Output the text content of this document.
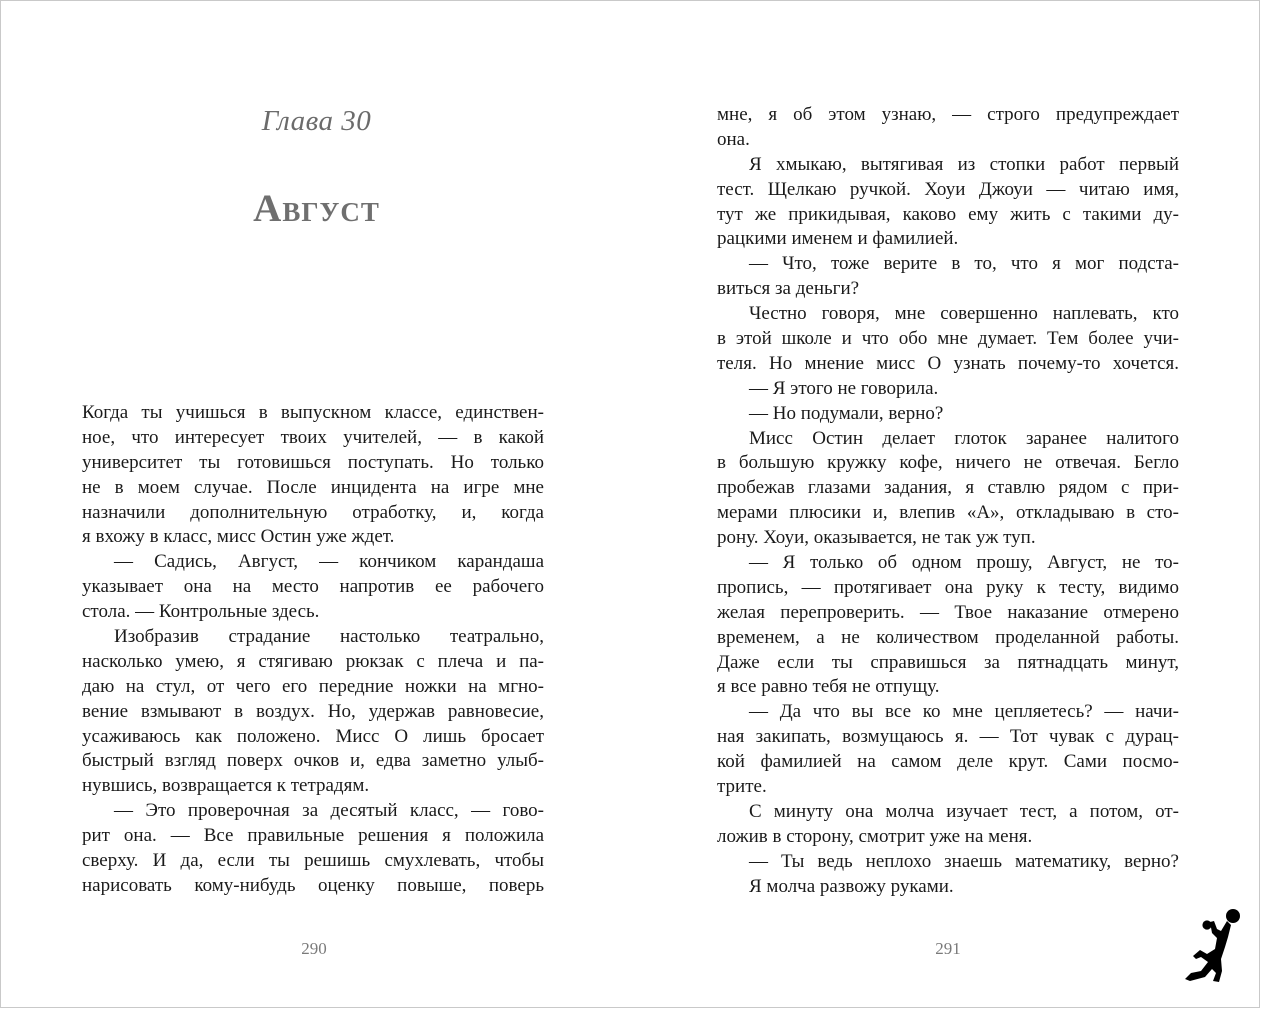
Глава 30
Август
Когда ты учишься в выпускном классе, единствен-
ное, что интересует твоих учителей, — в какой
университет ты готовишься поступать. Но только
не в моем случае. После инцидента на игре мне
назначили дополнительную отработку, и, когда
я вхожу в класс, мисс Остин уже ждет.
— Садись, Август, — кончиком карандаша
указывает она на место напротив ее рабочего
стола. — Контрольные здесь.
Изобразив страдание настолько театрально,
насколько умею, я стягиваю рюкзак с плеча и па-
даю на стул, от чего его передние ножки на мгно-
вение взмывают в воздух. Но, удержав равновесие,
усаживаюсь как положено. Мисс О лишь бросает
быстрый взгляд поверх очков и, едва заметно улыб-
нувшись, возвращается к тетрадям.
— Это проверочная за десятый класс, — гово-
рит она. — Все правильные решения я положила
сверху. И да, если ты решишь смухлевать, чтобы
нарисовать кому-нибудь оценку повыше, поверь
290
мне, я об этом узнаю, — строго предупреждает
она.
Я хмыкаю, вытягивая из стопки работ первый
тест. Щелкаю ручкой. Хоуи Джоуи — читаю имя,
тут же прикидывая, каково ему жить с такими ду-
рацкими именем и фамилией.
— Что, тоже верите в то, что я мог подста-
виться за деньги?
Честно говоря, мне совершенно наплевать, кто
в этой школе и что обо мне думает. Тем более учи-
теля. Но мнение мисс О узнать почему-то хочется.
— Я этого не говорила.
— Но подумали, верно?
Мисс Остин делает глоток заранее налитого
в большую кружку кофе, ничего не отвечая. Бегло
пробежав глазами задания, я ставлю рядом с при-
мерами плюсики и, влепив «А», откладываю в сто-
рону. Хоуи, оказывается, не так уж туп.
— Я только об одном прошу, Август, не то-
пропись, — протягивает она руку к тесту, видимо
желая перепроверить. — Твое наказание отмерено
временем, а не количеством проделанной работы.
Даже если ты справишься за пятнадцать минут,
я все равно тебя не отпущу.
— Да что вы все ко мне цепляетесь? — начи-
ная закипать, возмущаюсь я. — Тот чувак с дурац-
кой фамилией на самом деле крут. Сами посмо-
трите.
С минуту она молча изучает тест, а потом, от-
ложив в сторону, смотрит уже на меня.
— Ты ведь неплохо знаешь математику, верно?
Я молча развожу руками.
291
